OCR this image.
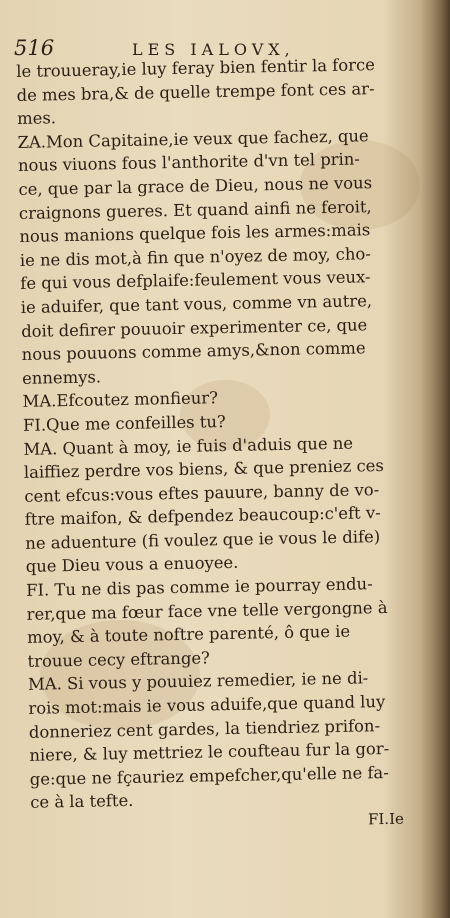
516	LES IALOVX,
le trouueray,ie luy feray bien fentir la force
de mes bra,& de quelle trempe font ces ar-
mes.
ZA.Mon Capitaine,ie veux que fachez, que
nous viuons fous l'anthorite d'vn tel prin-
ce, que par la grace de Dieu, nous ne vous
craignons gueres. Et quand ainfi ne feroit,
nous manions quelque fois les armes:mais
ie ne dis mot,à fin que n'oyez de moy, cho-
fe qui vous defplaife:feulement vous veux-
ie aduifer, que tant vous, comme vn autre,
doit defirer pouuoir experimenter ce, que
nous pouuons comme amys,&non comme
ennemys.
MA.Efcoutez monfieur?
FI.Que me confeilles tu?
MA. Quant à moy, ie fuis d'aduis que ne
laiffiez perdre vos biens, & que preniez ces
cent efcus:vous eftes pauure, banny de vo-
ftre maifon, & defpendez beaucoup:c'eft v-
ne aduenture (fi voulez que ie vous le dife)
que Dieu vous a enuoyee.
FI. Tu ne dis pas comme ie pourray endu-
rer,que ma fœur face vne telle vergongne à
moy, & à toute noftre parenté, ô que ie
trouue cecy eftrange?
MA. Si vous y pouuiez remedier, ie ne di-
rois mot:mais ie vous aduife,que quand luy
donneriez cent gardes, la tiendriez prifon-
niere, & luy mettriez le coufteau fur la gor-
ge:que ne fçauriez empefcher,qu'elle ne fa-
ce à la tefte.
FI.Ie
